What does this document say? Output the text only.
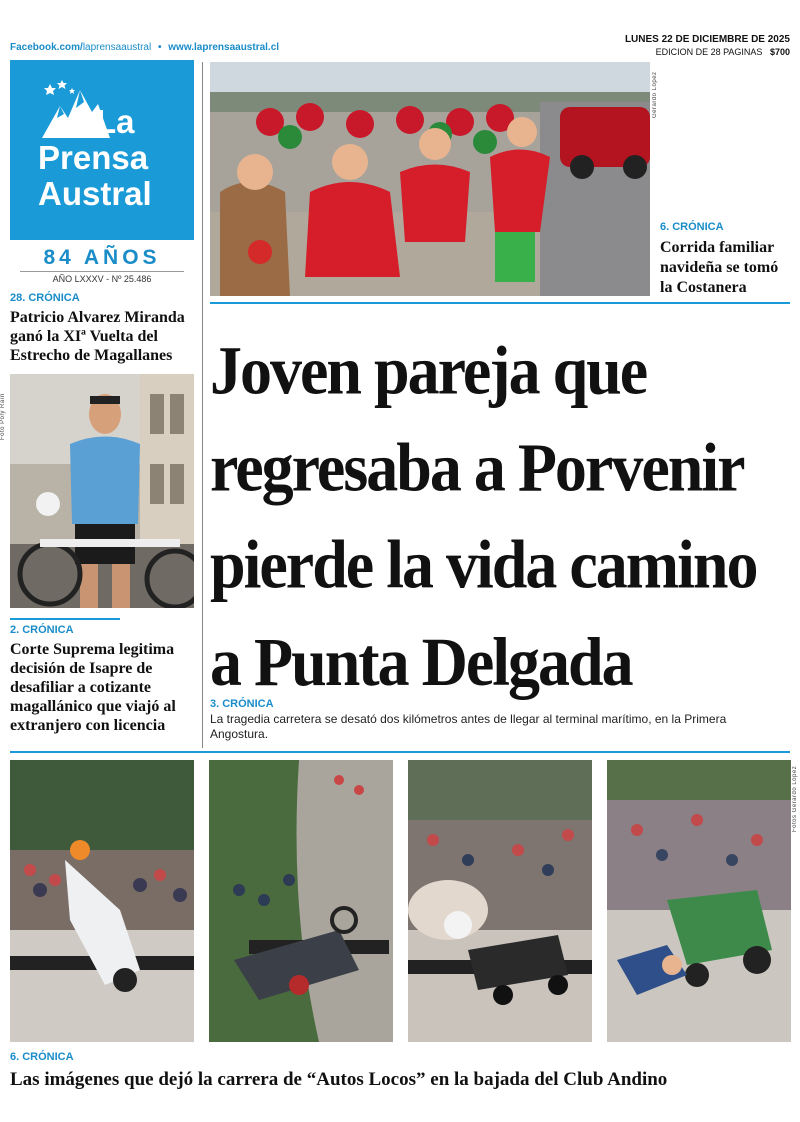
Facebook.com/laprensaaustral • www.laprensaaustral.cl
LUNES 22 DE DICIEMBRE DE 2025
EDICION DE 28 PAGINAS $700
La
Prensa
Austral
84 AÑOS
AÑO LXXXV - Nº 25.486
28. CRÓNICA
Patricio Alvarez Miranda ganó la XIª Vuelta del Estrecho de Magallanes
Foto Poly Raín
2. CRÓNICA
Corte Suprema legitima decisión de Isapre de desafiliar a cotizante magallánico que viajó al extranjero con licencia
Gerardo López
6. CRÓNICA
Corrida familiar navideña se tomó la Costanera
Joven pareja que regresaba a Porvenir pierde la vida camino a Punta Delgada
3. CRÓNICA
La tragedia carretera se desató dos kilómetros antes de llegar al terminal marítimo, en la Primera Angostura.
Fotos Gerardo López
6. CRÓNICA
Las imágenes que dejó la carrera de “Autos Locos” en la bajada del Club Andino
